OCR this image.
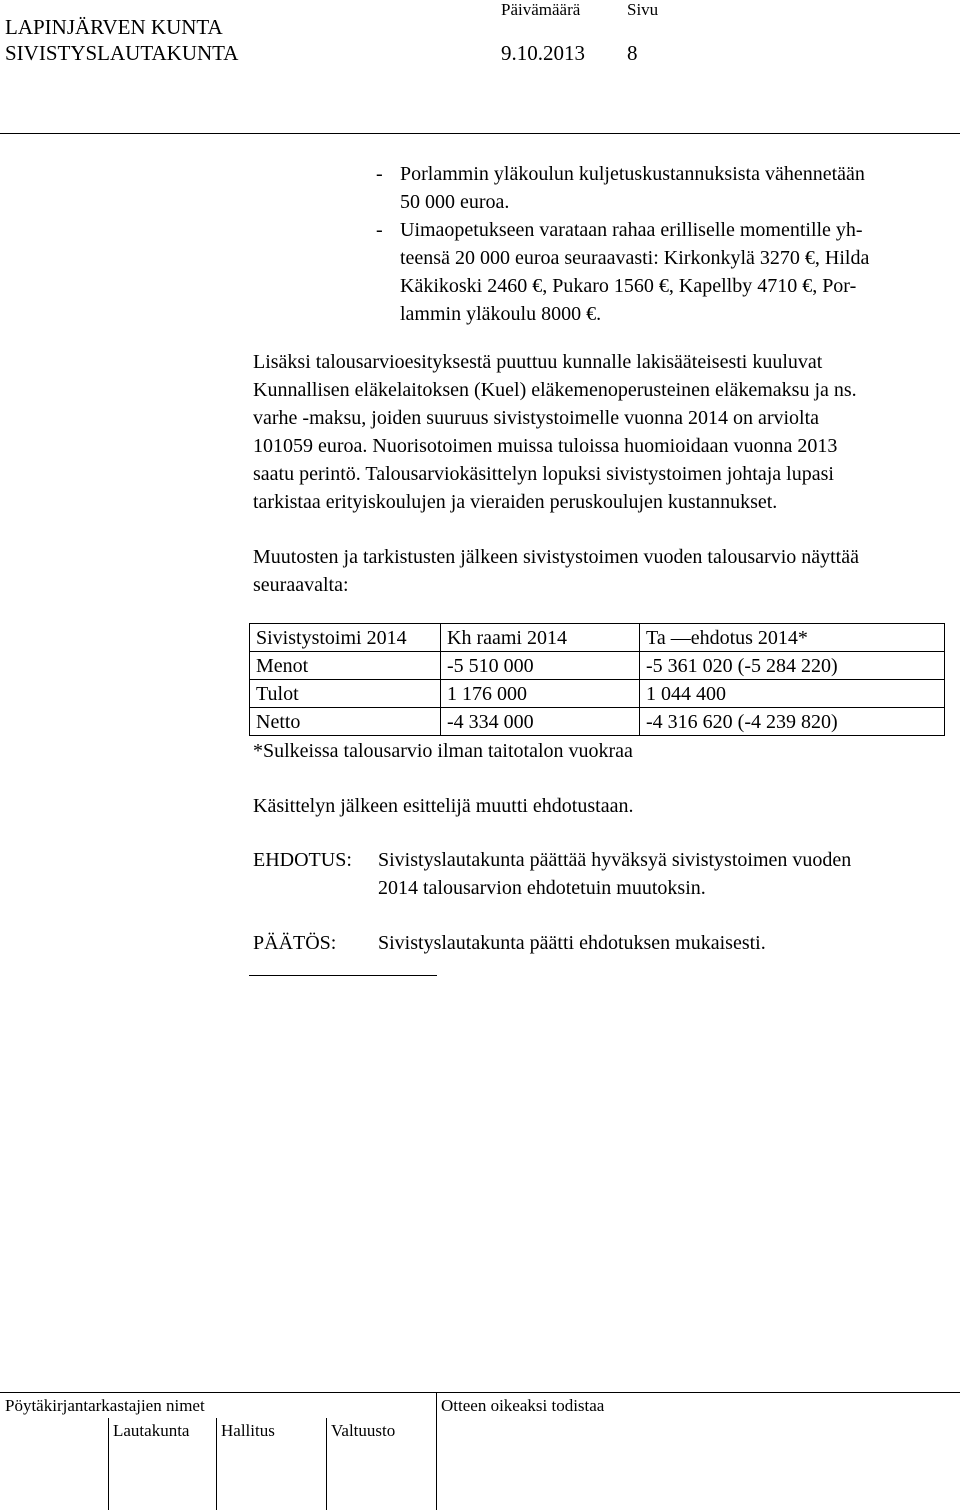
LAPINJÄRVEN KUNTA
SIVISTYSLAUTAKUNTA
Päivämäärä	Sivu
9.10.2013 8
- Porlammin yläkoulun kuljetuskustannuksista vähennetään
50 000 euroa.
- Uimaopetukseen varataan rahaa erilliselle momentille yh-
teensä 20 000 euroa seuraavasti: Kirkonkylä 3270 €, Hilda
Käkikoski 2460 €, Pukaro 1560 €, Kapellby 4710 €, Por-
lammin yläkoulu 8000 €.
Lisäksi talousarvioesityksestä puuttuu kunnalle lakisääteisesti kuuluvat
Kunnallisen eläkelaitoksen (Kuel) eläkemenoperusteinen eläkemaksu ja ns.
varhe -maksu, joiden suuruus sivistystoimelle vuonna 2014 on arviolta
101059 euroa. Nuorisotoimen muissa tuloissa huomioidaan vuonna 2013
saatu perintö. Talousarviokäsittelyn lopuksi sivistystoimen johtaja lupasi
tarkistaa erityiskoulujen ja vieraiden peruskoulujen kustannukset.
Muutosten ja tarkistusten jälkeen sivistystoimen vuoden talousarvio näyttää
seuraavalta:
Sivistystoimi 2014	Kh raami 2014	Ta —ehdotus 2014*
Menot	-5 510 000	-5 361 020 (-5 284 220)
Tulot	1 176 000	1 044 400
Netto	-4 334 000	-4 316 620 (-4 239 820)
*Sulkeissa talousarvio ilman taitotalon vuokraa
Käsittelyn jälkeen esittelijä muutti ehdotustaan.
EHDOTUS: Sivistyslautakunta päättää hyväksyä sivistystoimen vuoden
2014 talousarvion ehdotetuin muutoksin.
PÄÄTÖS: Sivistyslautakunta päätti ehdotuksen mukaisesti.
Pöytäkirjantarkastajien nimet	Otteen oikeaksi todistaa
Lautakunta Hallitus	Valtuusto
